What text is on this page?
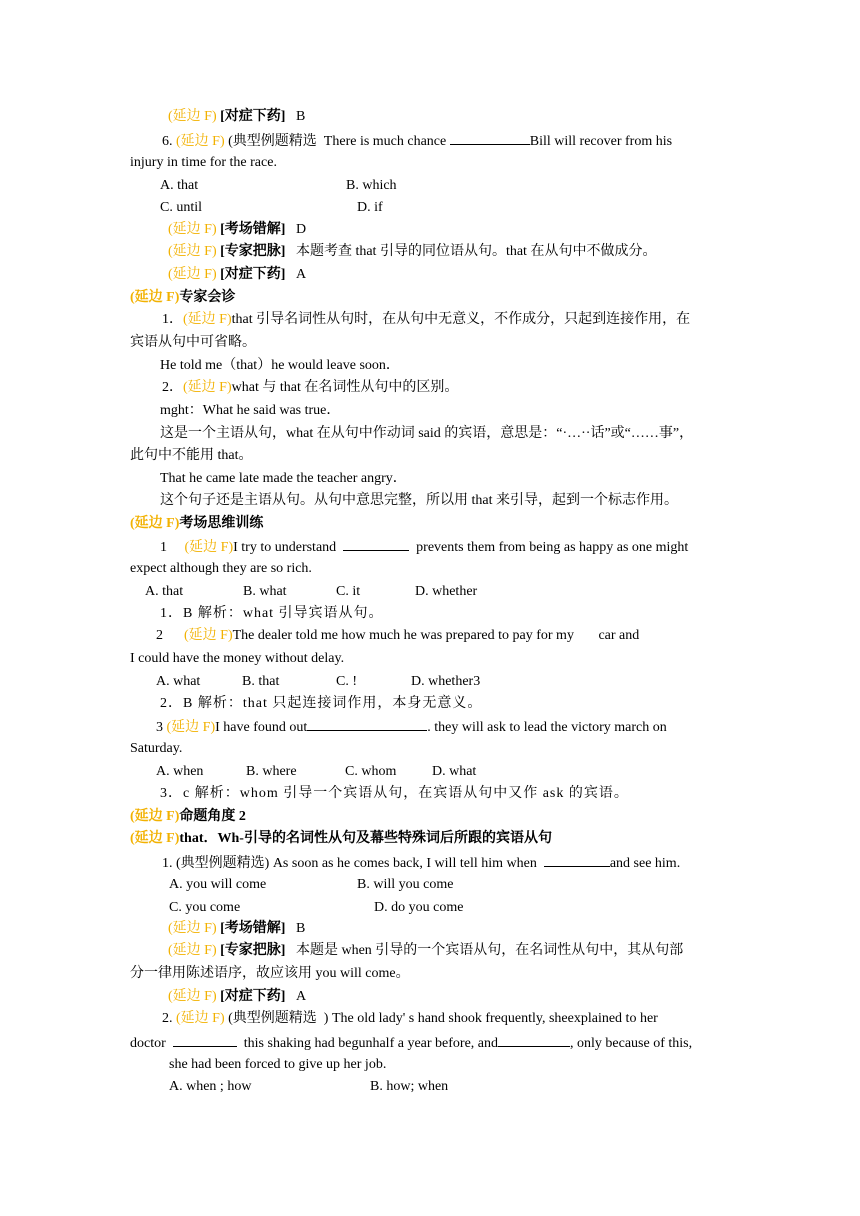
(延边 F) [对症下药] B
6. (延边 F) (典型例题精选 There is much chance	Bill will recover from his
injury in time for the race.
A. that	B. which
C. until	D. if
(延边 F) [考场错解] D
(延边 F) [专家把脉] 本题考查 that 引导的同位语从句。that 在从句中不做成分。
(延边 F) [对症下药] A
(延边 F)专家会诊
1．(延边 F)that 引导名词性从句时，在从句中无意义，不作成分，只起到连接作用，在
宾语从句中可省略。
He told me（that）he would leave soon．
2．(延边 F)what 与 that 在名词性从句中的区别。
mght：What he said was true．
这是一个主语从句，what 在从句中作动词 said 的宾语，意思是：“·…··话”或“……事”，
此句中不能用 that。
That he came late made the teacher angry．
这个句子还是主语从句。从句中意思完整，所以用 that 来引导，起到一个标志作用。
(延边 F)考场思维训练
1 (延边 F)I try to understand	prevents them from being as happy as one might
expect although they are so rich.
A. that	B. what	C. it	D. whether
1．B 解析：what 引导宾语从句。
2 (延边 F)The dealer told me how much he was prepared to pay for my car and
I could have the money without delay.
A. what	B. that	C. !	D. whether3
2．B 解析：that 只起连接词作用，本身无意义。
3 (延边 F)I have found out	. they will ask to lead the victory march on
Saturday.
A. when	B. where	C. whom	D. what
3．c 解析：whom 引导一个宾语从句，在宾语从句中又作 ask 的宾语。
(延边 F)命题角度 2
(延边 F)that．Wh-引导的名词性从句及幕些特殊词后所跟的宾语从句
1. (典型例题精选) As soon as he comes back, I will tell him when	and see him.
A. you will come	B. will you come
C. you come	D. do you come
(延边 F) [考场错解] B
(延边 F) [专家把脉] 本题是 when 引导的一个宾语从句，在名词性从句中，其从句部
分一律用陈述语序，故应该用 you will come。
(延边 F) [对症下药] A
2. (延边 F) (典型例题精选 ) The old lady' s hand shook frequently, sheexplained to her
doctor	this shaking had begunhalf a year before, and	, only because of this,
she had been forced to give up her job.
A. when ; how	B. how; when
